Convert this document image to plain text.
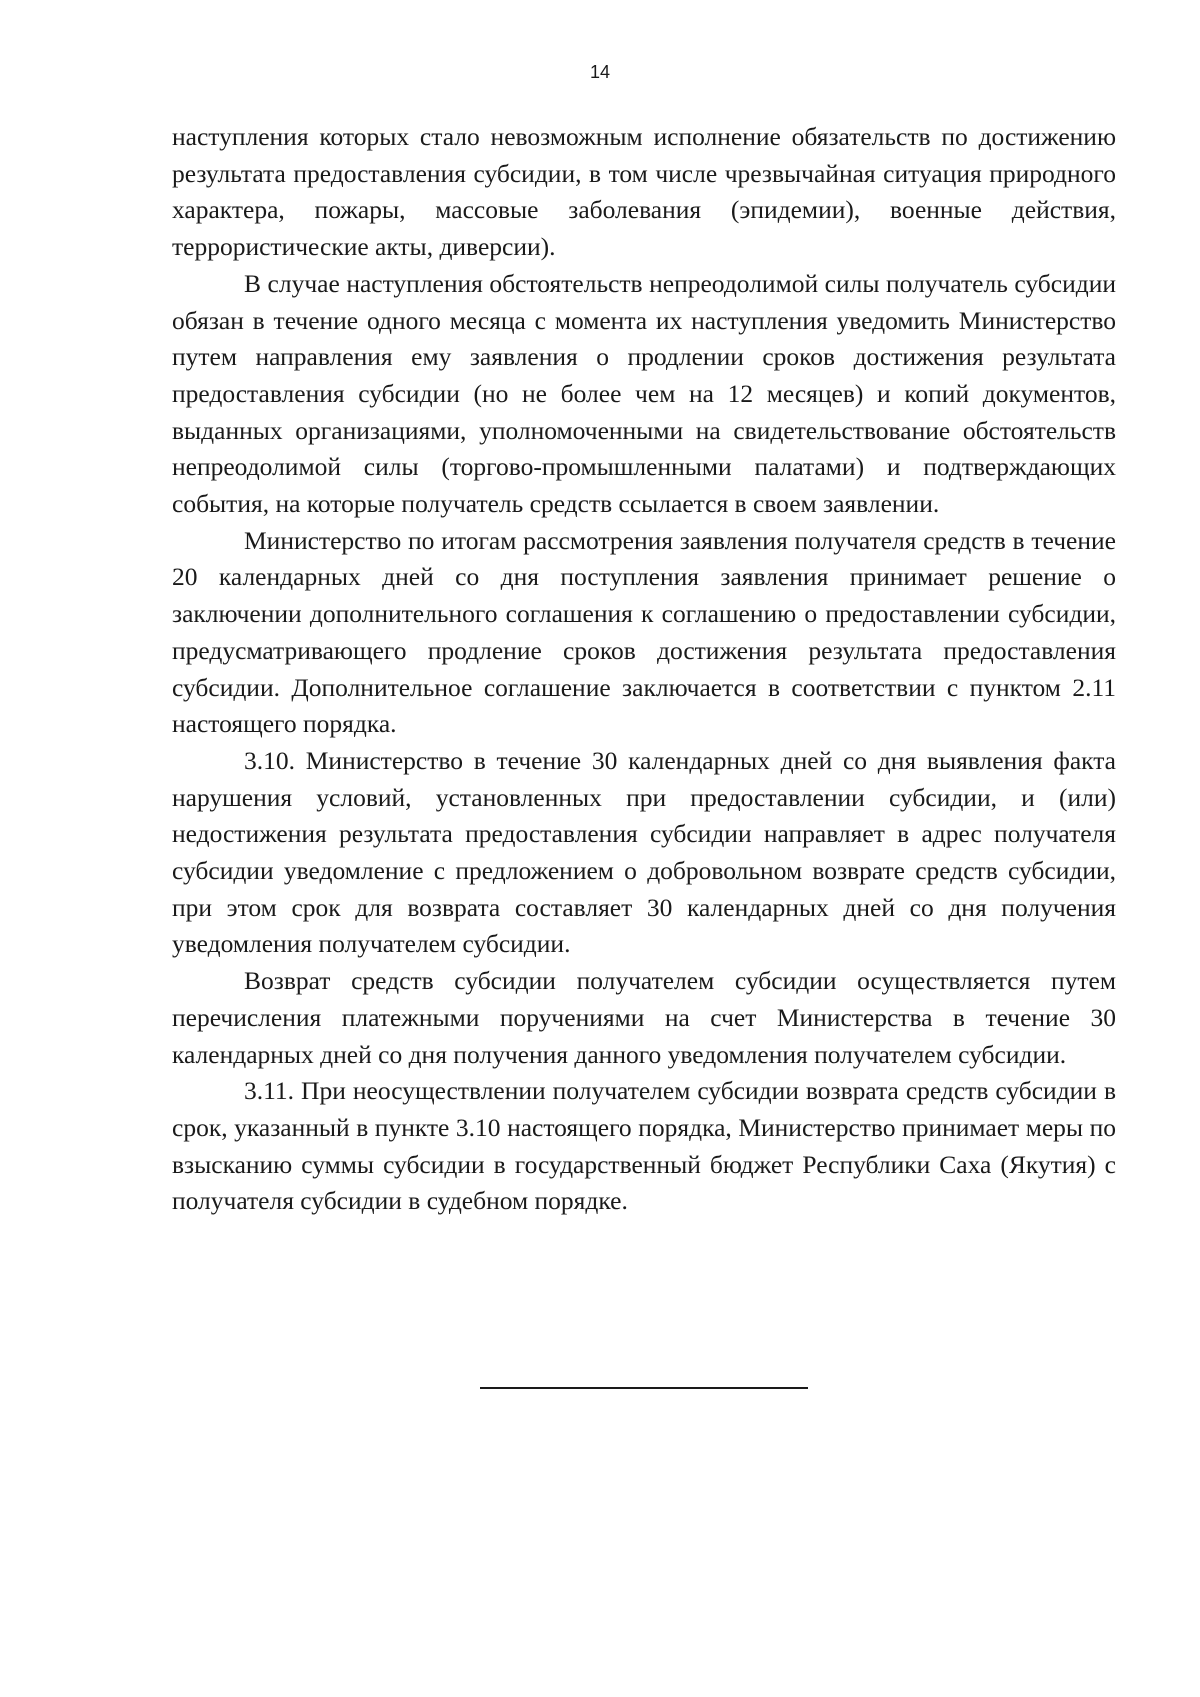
14

наступления которых стало невозможным исполнение обязательств по достижению результата предоставления субсидии, в том числе чрезвычайная ситуация природного характера, пожары, массовые заболевания (эпидемии), военные действия, террористические акты, диверсии).

В случае наступления обстоятельств непреодолимой силы получатель субсидии обязан в течение одного месяца с момента их наступления уведомить Министерство путем направления ему заявления о продлении сроков достижения результата предоставления субсидии (но не более чем на 12 месяцев) и копий документов, выданных организациями, уполномоченными на свидетельствование обстоятельств непреодолимой силы (торгово-промышленными палатами) и подтверждающих события, на которые получатель средств ссылается в своем заявлении.

Министерство по итогам рассмотрения заявления получателя средств в течение 20 календарных дней со дня поступления заявления принимает решение о заключении дополнительного соглашения к соглашению о предоставлении субсидии, предусматривающего продление сроков достижения результата предоставления субсидии. Дополнительное соглашение заключается в соответствии с пунктом 2.11 настоящего порядка.

3.10. Министерство в течение 30 календарных дней со дня выявления факта нарушения условий, установленных при предоставлении субсидии, и (или) недостижения результата предоставления субсидии направляет в адрес получателя субсидии уведомление с предложением о добровольном возврате средств субсидии, при этом срок для возврата составляет 30 календарных дней со дня получения уведомления получателем субсидии.

Возврат средств субсидии получателем субсидии осуществляется путем перечисления платежными поручениями на счет Министерства в течение 30 календарных дней со дня получения данного уведомления получателем субсидии.

3.11. При неосуществлении получателем субсидии возврата средств субсидии в срок, указанный в пункте 3.10 настоящего порядка, Министерство принимает меры по взысканию суммы субсидии в государственный бюджет Республики Саха (Якутия) с получателя субсидии в судебном порядке.
